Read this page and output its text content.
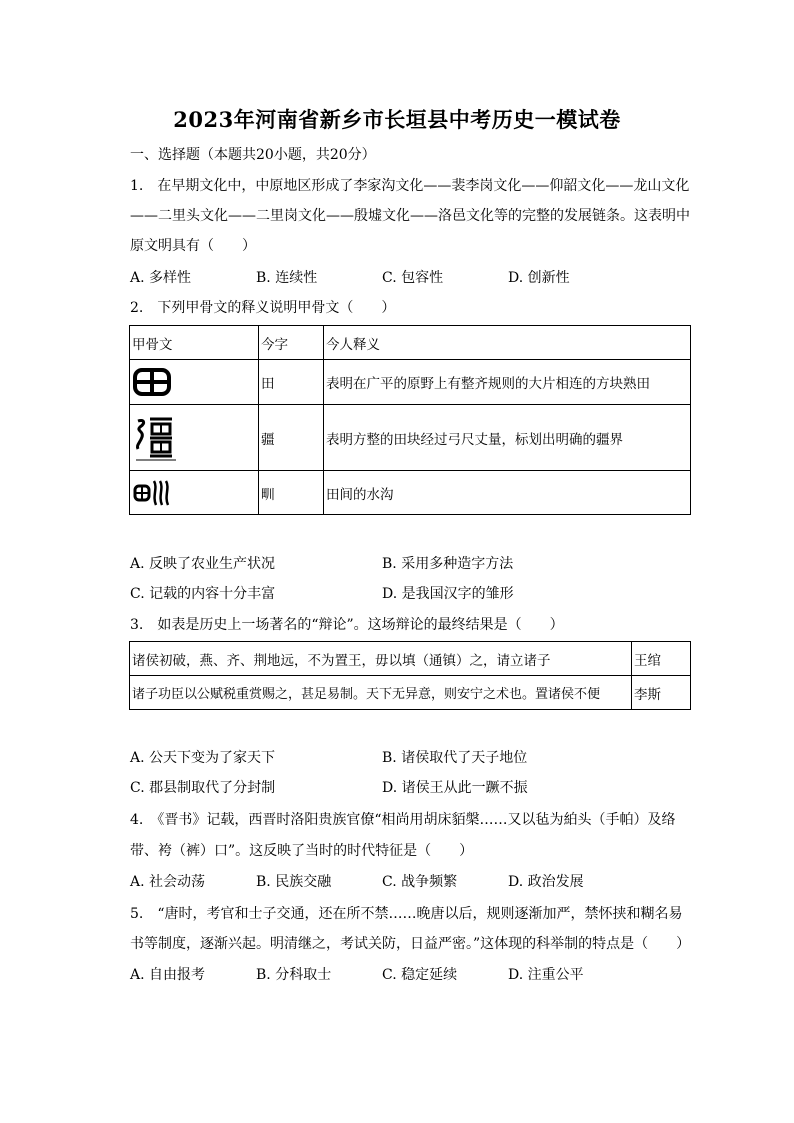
2023年河南省新乡市长垣县中考历史一模试卷
一、选择题（本题共20小题，共20分）
1.　在早期文化中，中原地区形成了李家沟文化——裴李岗文化——仰韶文化——龙山文化
——二里头文化——二里岗文化——殷墟文化——洛邑文化等的完整的发展链条。这表明中
原文明具有（　　）
A. 多样性	B. 连续性	C. 包容性	D. 创新性
2.　下列甲骨文的释义说明甲骨文（　　）
甲骨文	今字	今人释义

	田	表明在广平的原野上有整齐规则的大片相连的方块熟田

	疆	表明方整的田块经过弓尺丈量，标划出明确的疆界

	甽	田间的水沟
A. 反映了农业生产状况	B. 采用多种造字方法
C. 记载的内容十分丰富	D. 是我国汉字的雏形
3.　如表是历史上一场著名的“辩论”。这场辩论的最终结果是（　　）
诸侯初破，燕、齐、荆地远，不为置王，毋以填（通镇）之，请立诸子	王绾
诸子功臣以公赋税重赏赐之，甚足易制。天下无异意，则安宁之术也。置诸侯不便	李斯
A. 公天下变为了家天下	B. 诸侯取代了天子地位
C. 郡县制取代了分封制	D. 诸侯王从此一蹶不振
4.　《晋书》记载，西晋时洛阳贵族官僚“相尚用胡床貊槃……又以毡为絈头（手帕）及络
带、袴（裤）口”。这反映了当时的时代特征是（　　）
A. 社会动荡	B. 民族交融	C. 战争频繁	D. 政治发展
5.　“唐时，考官和士子交通，还在所不禁……晚唐以后，规则逐渐加严，禁怀挟和糊名易
书等制度，逐渐兴起。明清继之，考试关防，日益严密。”这体现的科举制的特点是（　　）
A. 自由报考	B. 分科取士	C. 稳定延续	D. 注重公平
